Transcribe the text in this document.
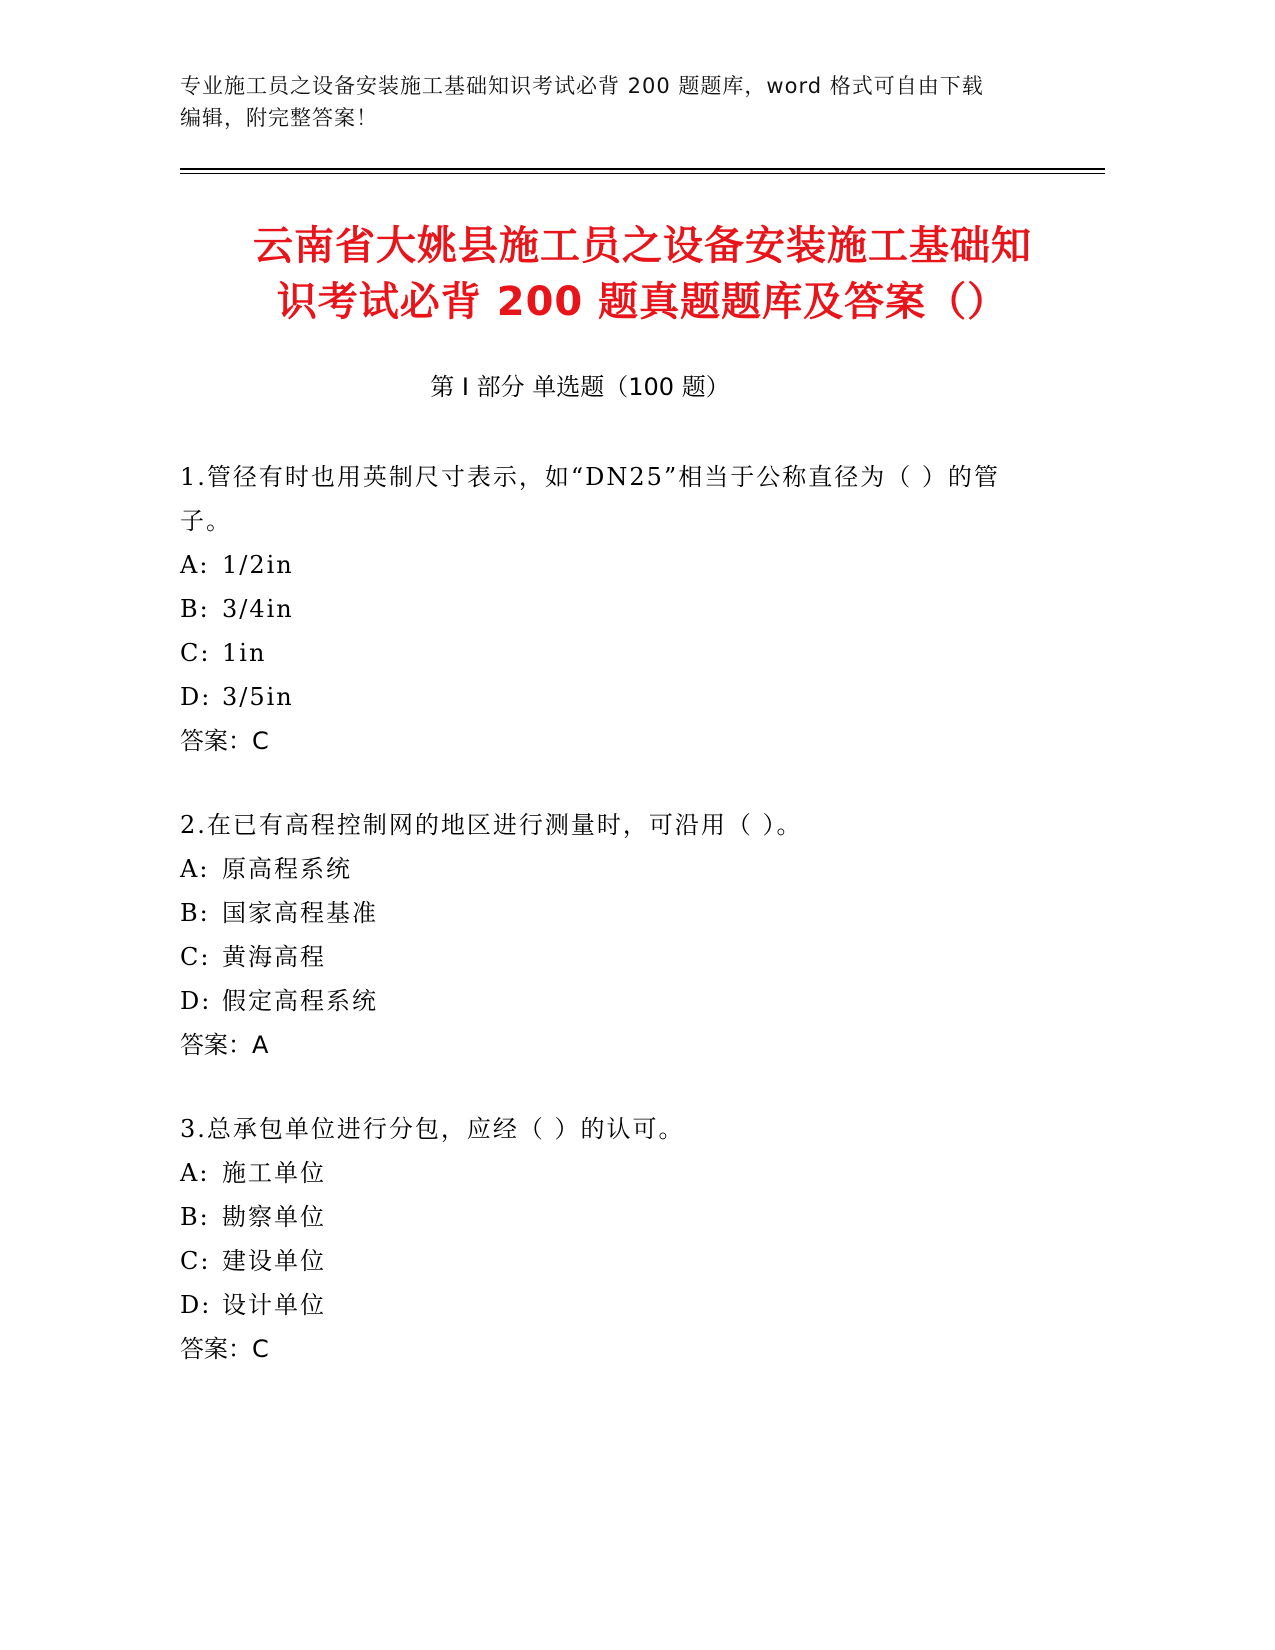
专业施工员之设备安装施工基础知识考试必背 200 题题库，word 格式可自由下载
编辑，附完整答案！
云南省大姚县施工员之设备安装施工基础知
识考试必背 200 题真题题库及答案（）
第 I 部分 单选题（100 题）

1.管径有时也用英制尺寸表示，如“DN25”相当于公称直径为（ ）的管子。

A: 1/2in

B: 3/4in

C: 1in

D: 3/5in

答案：C

2.在已有高程控制网的地区进行测量时，可沿用（ ）。

A: 原高程系统

B: 国家高程基准

C: 黄海高程

D: 假定高程系统

答案：A

3.总承包单位进行分包，应经（ ）的认可。

A: 施工单位

B: 勘察单位

C: 建设单位

D: 设计单位

答案：C
